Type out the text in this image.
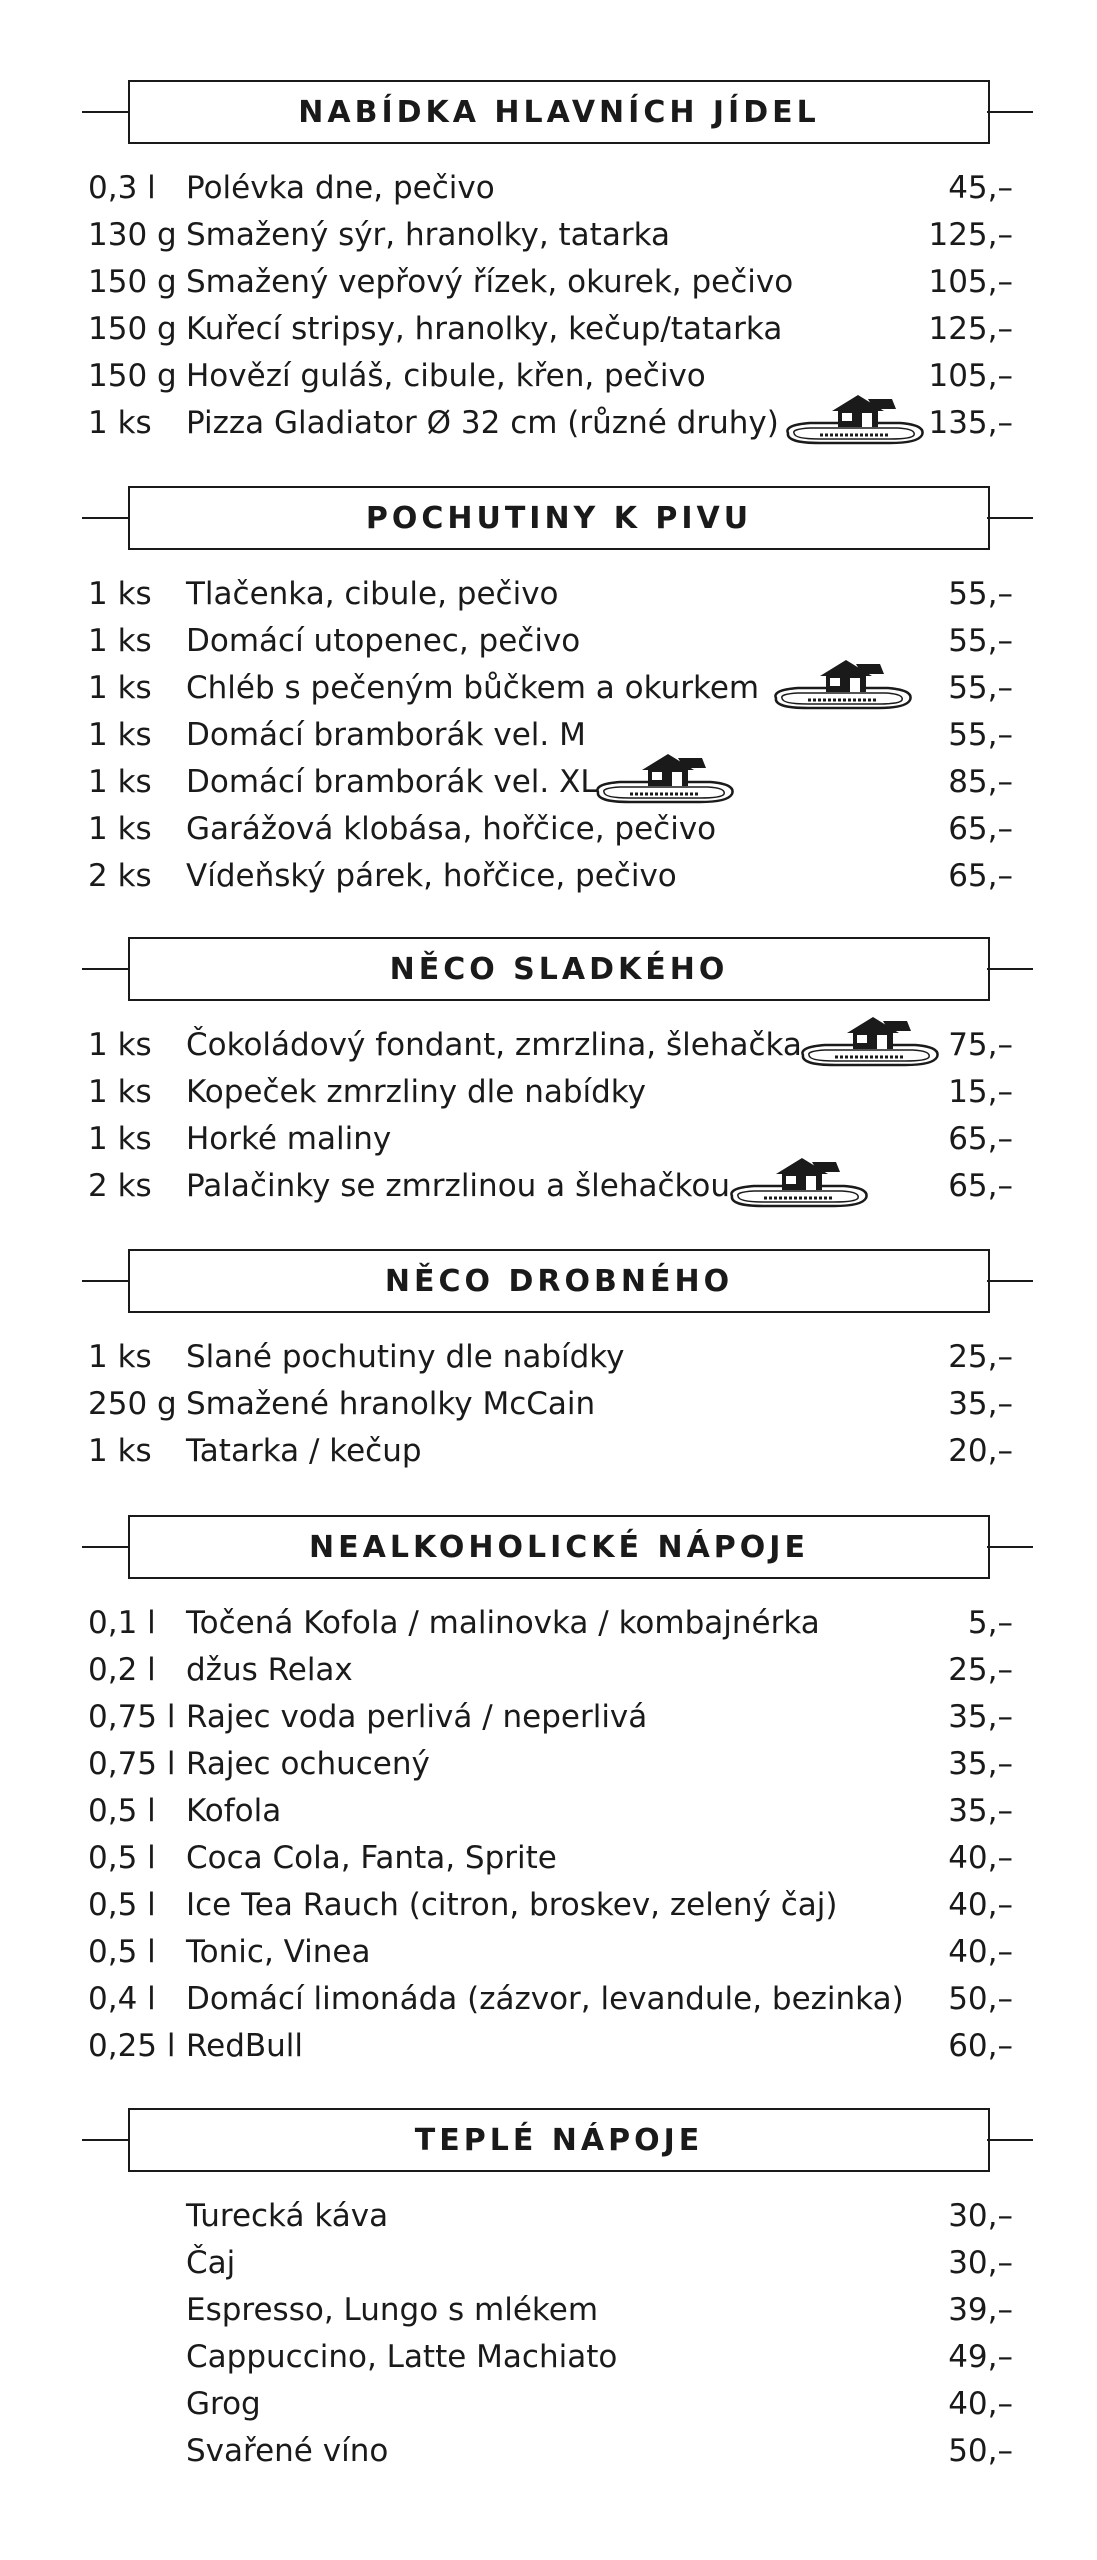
NABÍDKA HLAVNÍCH JÍDEL
0,3 l Polévka dne, pečivo	45,–
130 g Smažený sýr, hranolky, tatarka	125,–
150 g Smažený vepřový řízek, okurek, pečivo	105,–
150 g Kuřecí stripsy, hranolky, kečup/tatarka	125,–
150 g Hovězí guláš, cibule, křen, pečivo	105,–
1 ks Pizza Gladiator Ø 32 cm (různé druhy)	135,–
POCHUTINY K PIVU
1 ks Tlačenka, cibule, pečivo	55,–
1 ks Domácí utopenec, pečivo	55,–
1 ks Chléb s pečeným bůčkem a okurkem	55,–
1 ks Domácí bramborák vel. M	55,–
1 ks Domácí bramborák vel. XL	85,–
1 ks Garážová klobása, hořčice, pečivo	65,–
2 ks Vídeňský párek, hořčice, pečivo	65,–
NĚCO SLADKÉHO
1 ks Čokoládový fondant, zmrzlina, šlehačka	75,–
1 ks Kopeček zmrzliny dle nabídky	15,–
1 ks Horké maliny	65,–
2 ks Palačinky se zmrzlinou a šlehačkou	65,–
NĚCO DROBNÉHO
1 ks Slané pochutiny dle nabídky	25,–
250 g Smažené hranolky McCain	35,–
1 ks Tatarka / kečup	20,–
NEALKOHOLICKÉ NÁPOJE
0,1 l Točená Kofola / malinovka / kombajnérka	5,–
0,2 l džus Relax	25,–
0,75 l Rajec voda perlivá / neperlivá	35,–
0,75 l Rajec ochucený	35,–
0,5 l Kofola	35,–
0,5 l Coca Cola, Fanta, Sprite	40,–
0,5 l Ice Tea Rauch (citron, broskev, zelený čaj)	40,–
0,5 l Tonic, Vinea	40,–
0,4 l Domácí limonáda (zázvor, levandule, bezinka) 50,–
0,25 l RedBull	60,–
TEPLÉ NÁPOJE
Turecká káva	30,–
Čaj	30,–
Espresso, Lungo s mlékem	39,–
Cappuccino, Latte Machiato	49,–
Grog	40,–
Svařené víno	50,–
